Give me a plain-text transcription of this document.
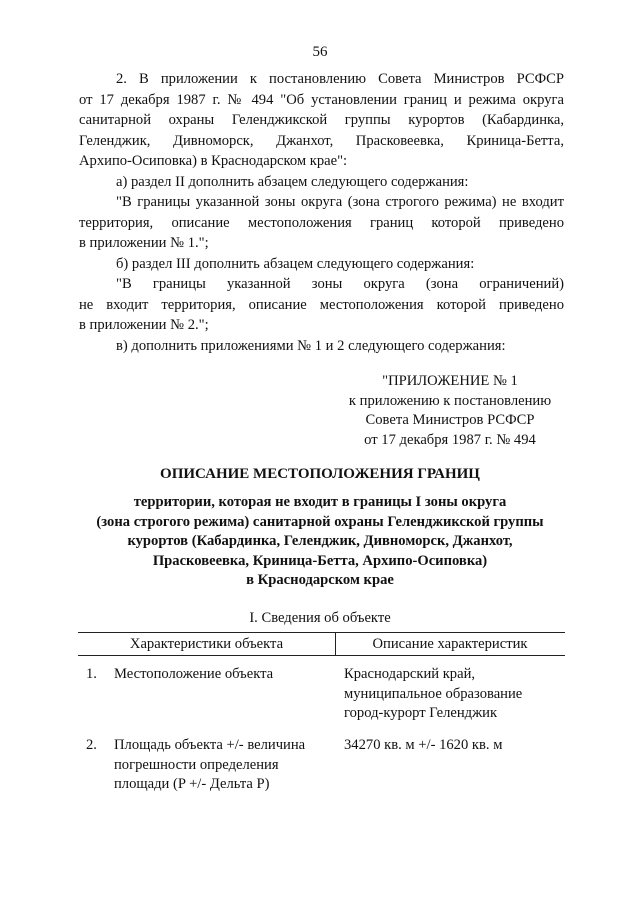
56

2. В приложении к постановлению Совета Министров РСФСР

от 17 декабря 1987 г. № 494 "Об установлении границ и режима округа

санитарной охраны Геленджикской группы курортов (Кабардинка,

Геленджик, Дивноморск, Джанхот, Прасковеевка, Криница-Бетта,

Архипо-Осиповка) в Краснодарском крае":

а) раздел II дополнить абзацем следующего содержания:

"В границы указанной зоны округа (зона строгого режима) не входит

территория, описание местоположения границ которой приведено

в приложении № 1.";

б) раздел III дополнить абзацем следующего содержания:

"В границы указанной зоны округа (зона ограничений)

не входит территория, описание местоположения которой приведено

в приложении № 2.";

в) дополнить приложениями № 1 и 2 следующего содержания:

"ПРИЛОЖЕНИЕ № 1
к приложению к постановлению
Совета Министров РСФСР
от 17 декабря 1987 г. № 494
ОПИСАНИЕ МЕСТОПОЛОЖЕНИЯ ГРАНИЦ
территории, которая не входит в границы I зоны округа
(зона строгого режима) санитарной охраны Геленджикской группы
курортов (Кабардинка, Геленджик, Дивноморск, Джанхот,
Прасковеевка, Криница-Бетта, Архипо-Осиповка)
в Краснодарском крае
I. Сведения об объекте
Характеристики объекта	Описание характеристик
1. Местоположение объекта	Краснодарский край,
муниципальное образование
город-курорт Геленджик
2. Площадь объекта +/- величина
погрешности определения
площади (P +/- Дельта P)
34270 кв. м +/- 1620 кв. м
